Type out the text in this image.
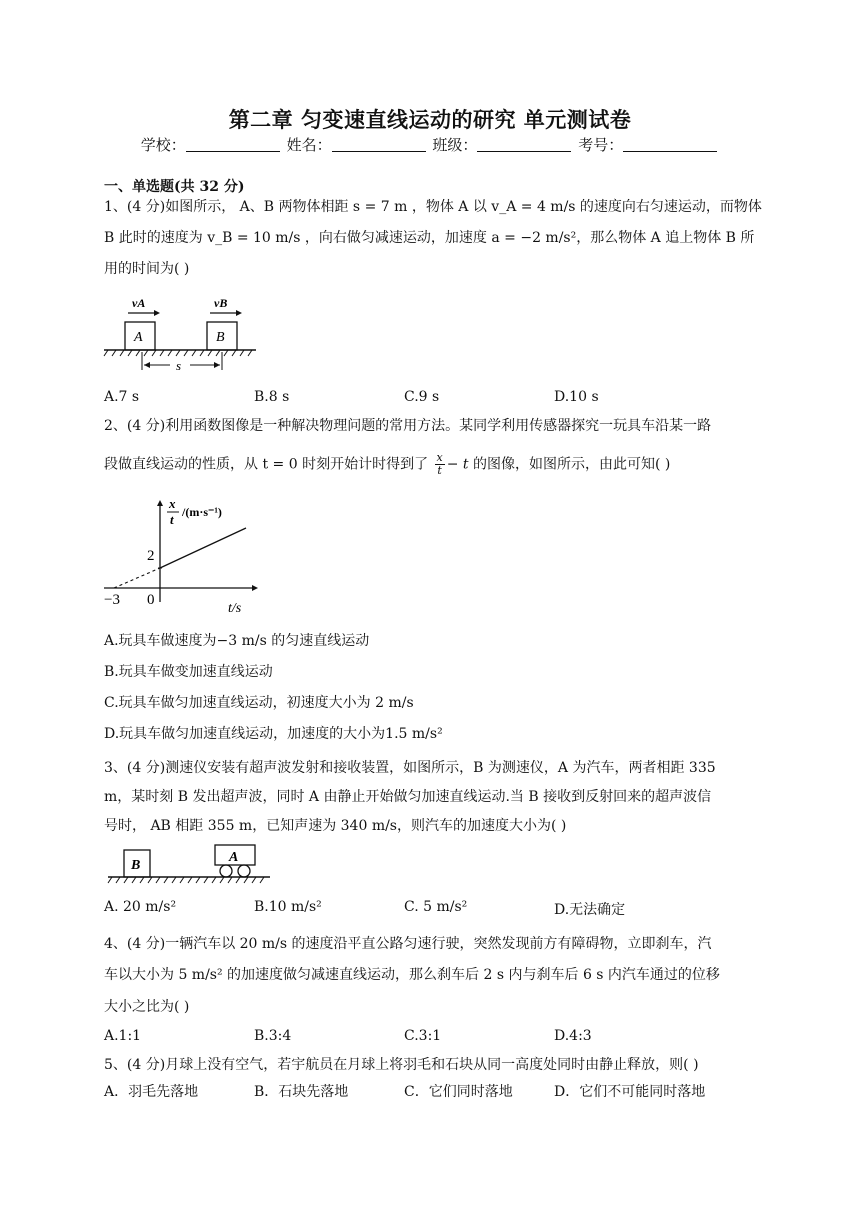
第二章 匀变速直线运动的研究 单元测试卷
学校：	姓名：	班级：	考号：
一、单选题(共 32 分)
1、(4 分)如图所示， A、B 两物体相距 s = 7 m ，物体 A 以 v_A = 4 m/s 的速度向右匀速运动，而物体 B 此时的速度为 v_B = 10 m/s ，向右做匀减速运动，加速度 a = −2 m/s²，那么物体 A 追上物体 B 所用的时间为( )
A	B
vA	vB
s
A.7 s	B.8 s	C.9 s	D.10 s
2、(4 分)利用函数图像是一种解决物理问题的常用方法。某同学利用传感器探究一玩具车沿某一路
段做直线运动的性质，从 t = 0 时刻开始计时得到了 $\frac{x}{t} - t$ 的图像，如图所示，由此可知( )
2
−3 0
t/s
x
t /(m·s⁻¹)
A.玩具车做速度为−3 m/s 的匀速直线运动
B.玩具车做变加速直线运动
C.玩具车做匀加速直线运动，初速度大小为 2 m/s
D.玩具车做匀加速直线运动，加速度的大小为1.5 m/s²
3、(4 分)测速仪安装有超声波发射和接收装置，如图所示，B 为测速仪，A 为汽车，两者相距 335
m，某时刻 B 发出超声波，同时 A 由静止开始做匀加速直线运动.当 B 接收到反射回来的超声波信
号时， AB 相距 355 m，已知声速为 340 m/s，则汽车的加速度大小为( )
B
A
A. 20 m/s²	B.10 m/s²	C. 5 m/s²	D.无法确定
4、(4 分)一辆汽车以 20 m/s 的速度沿平直公路匀速行驶，突然发现前方有障碍物，立即刹车，汽
车以大小为 5 m/s² 的加速度做匀减速直线运动，那么刹车后 2 s 内与刹车后 6 s 内汽车通过的位移
大小之比为( )
A.1:1	B.3:4	C.3:1	D.4:3
5、(4 分)月球上没有空气，若宇航员在月球上将羽毛和石块从同一高度处同时由静止释放，则( )
A．羽毛先落地	B．石块先落地	C．它们同时落地	D．它们不可能同时落地
